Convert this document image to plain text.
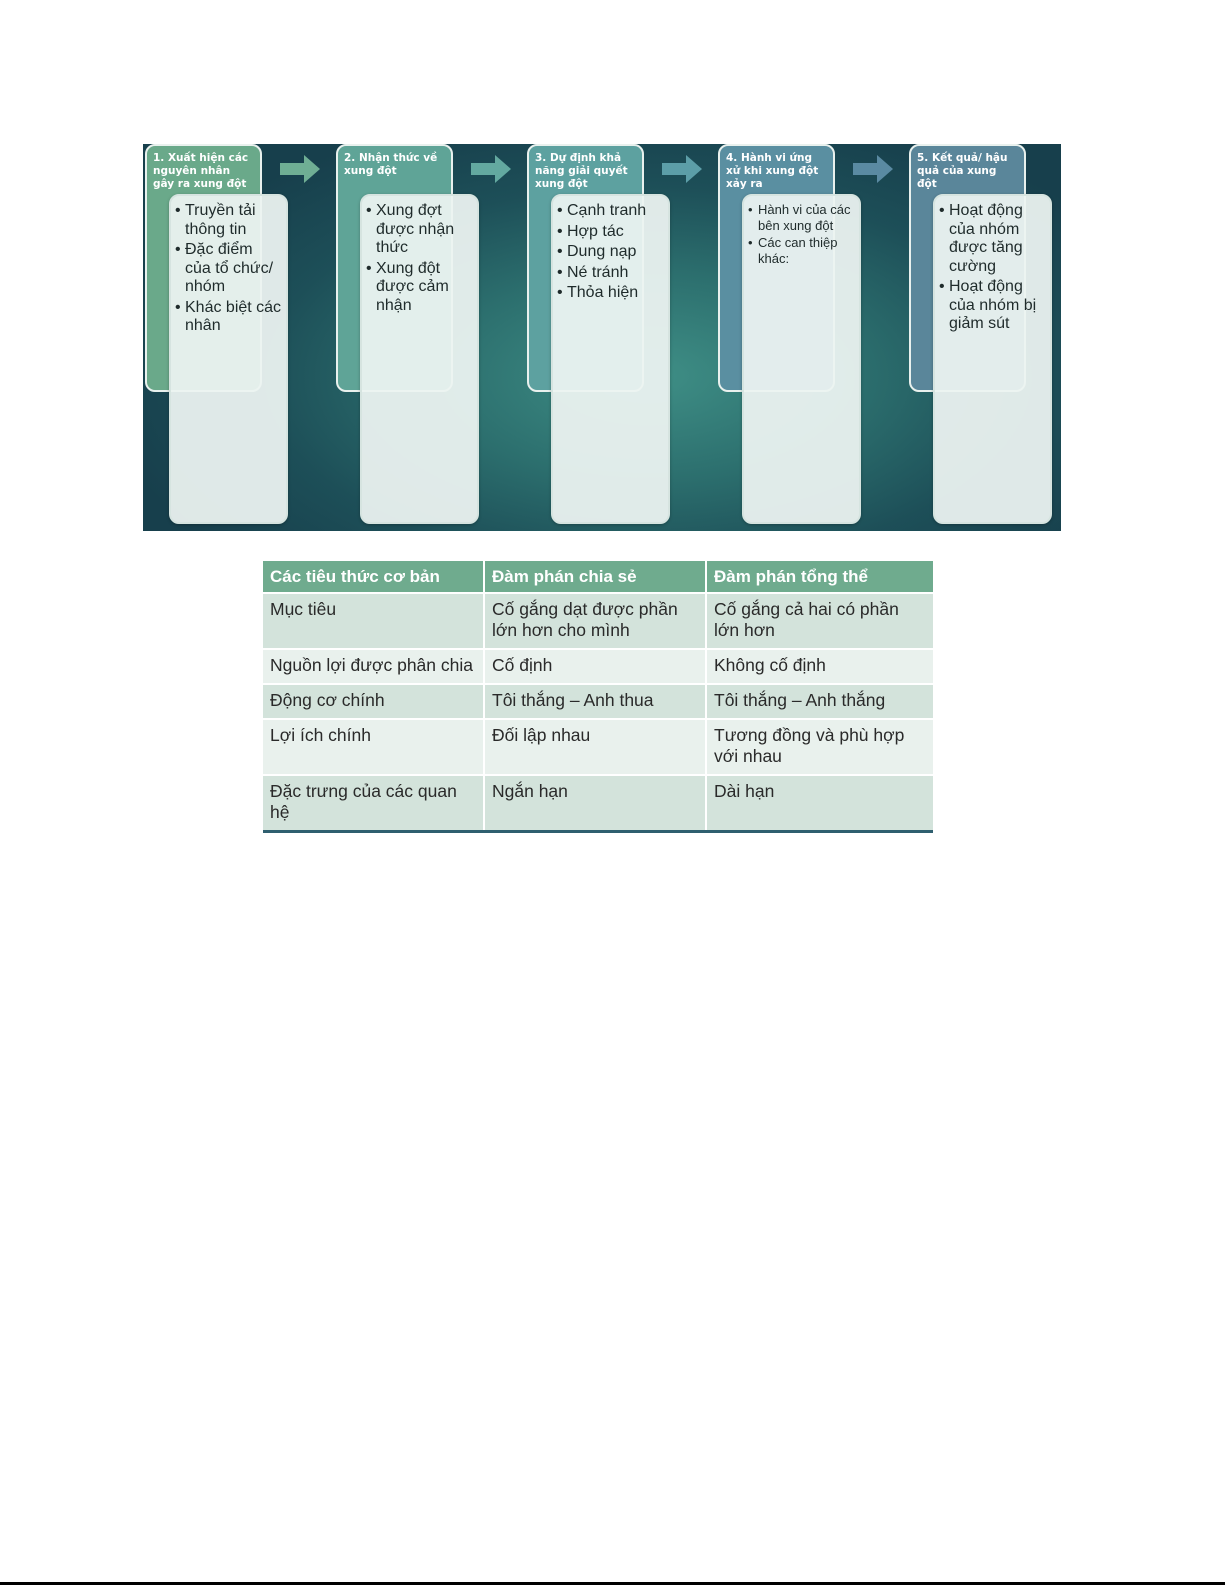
1. Xuất hiện các nguyên nhân gây ra xung đột
• Truyền tải thông tin
• Đặc điểm của tổ chức/ nhóm
• Khác biệt các nhân
2. Nhận thức về xung đột
• Xung đợt được nhận thức
• Xung đột được cảm nhận
3. Dự định khả năng giải quyết xung đột
• Cạnh tranh
• Hợp tác
• Dung nạp
• Né tránh
• Thỏa hiện
4. Hành vi ứng xử khi xung đột xảy ra
• Hành vi của các bên xung đột
• Các can thiệp khác:
5. Kết quả/ hậu quả của xung đột
• Hoạt động của nhóm được tăng cường
• Hoạt động của nhóm bị giảm sút
Các tiêu thức cơ bản	Đàm phán chia sẻ	Đàm phán tổng thể
Mục tiêu	Cố gắng dạt được phần lớn hơn cho mình	Cố gắng cả hai có phần lớn hơn
Nguồn lợi được phân chia	Cố định	Không cố định
Động cơ chính	Tôi thắng – Anh thua	Tôi thắng – Anh thắng
Lợi ích chính	Đối lập nhau	Tương đồng và phù hợp với nhau
Đặc trưng của các quan hệ	Ngắn hạn	Dài hạn
